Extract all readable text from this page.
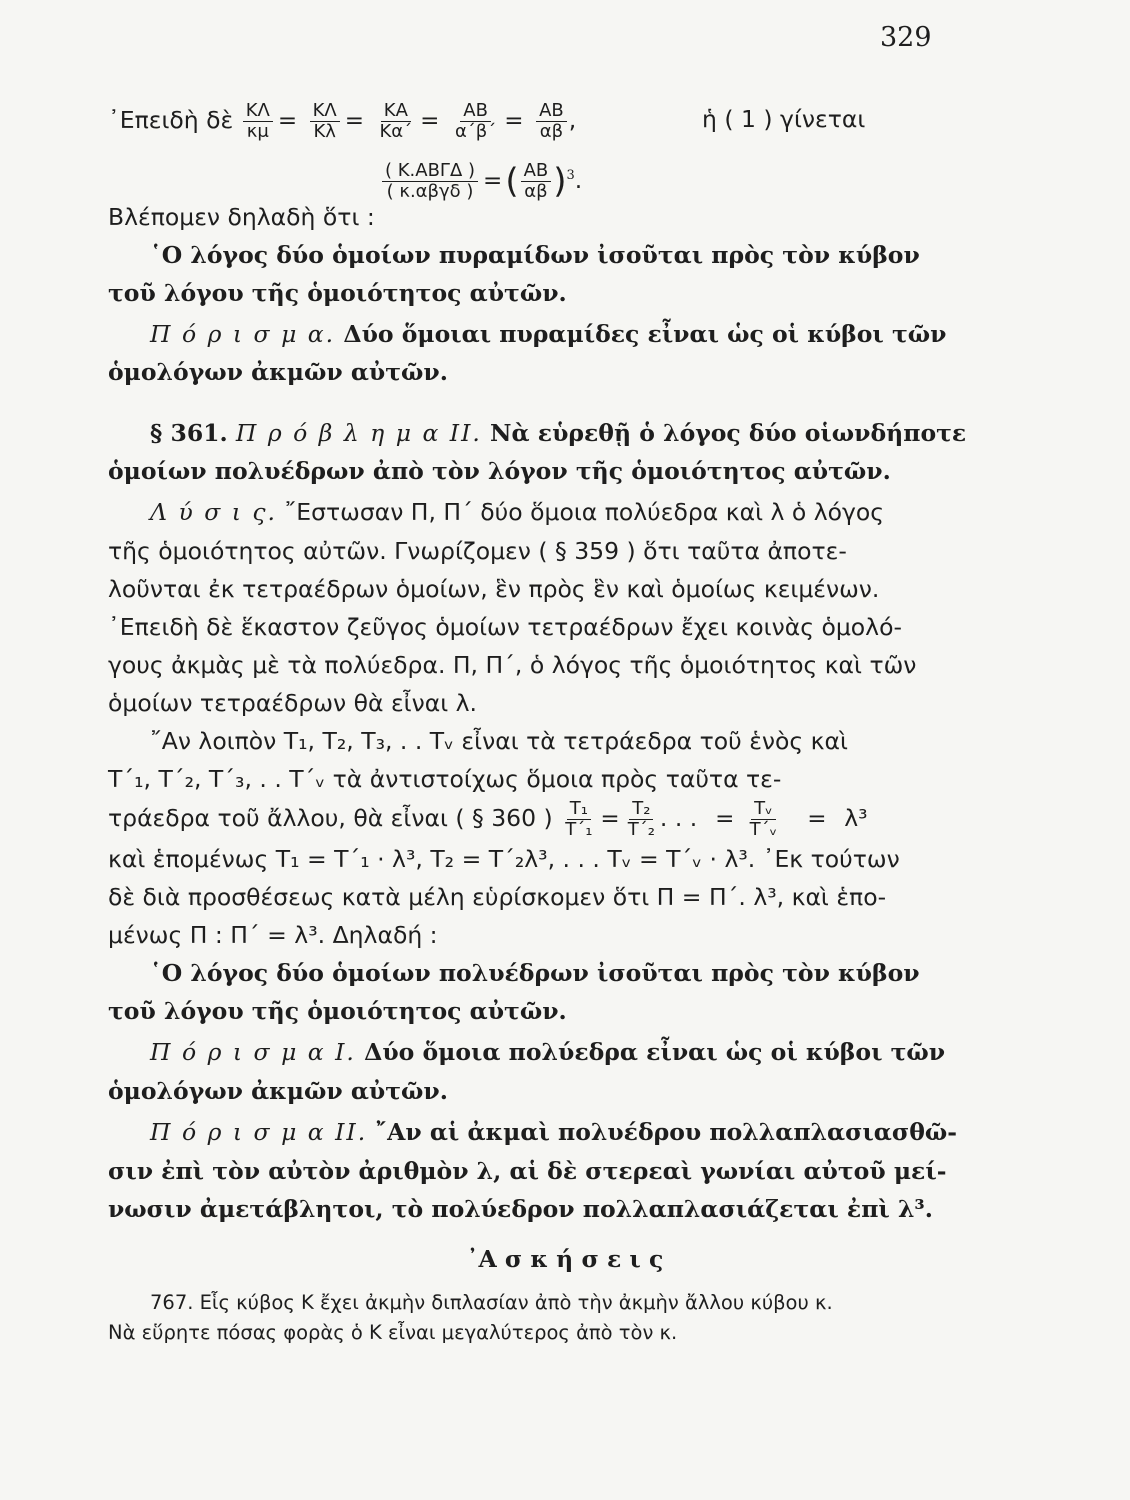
329
᾿Επειδὴ δὲ $\frac{K\Lambda}{\kappa\mu} = \frac{K\Lambda}{K\lambda} = \frac{KA}{K\alpha΄} = \frac{AB}{\alpha΄\beta΄} = \frac{AB}{\alpha\beta}$ ,	ἡ ( 1 ) γίνεται
$\frac{\text{( Κ.ΑΒΓΔ )}}{\text{( κ.αβγδ )}}$ =( $\frac{AB}{\alpha\beta} )^3$.
Βλέπομεν δηλαδὴ ὅτι :
῾Ο λόγος δύο ὁμοίων πυραμίδων ἰσοῦται πρὸς τὸν κύβον
τοῦ λόγου τῆς ὁμοιότητος αὐτῶν.
Π ό ρ ι σ μ α. Δύο ὅμοιαι πυραμίδες εἶναι ὡς οἱ κύβοι τῶν
ὁμολόγων ἀκμῶν αὐτῶν.
§ 361. Π ρ ό β λ η μ α ΙΙ. Νὰ εὑρεθῇ ὁ λόγος δύο οἱωνδήποτε
ὁμοίων πολυέδρων ἀπὸ τὸν λόγον τῆς ὁμοιότητος αὐτῶν.
Λ ύ σ ι ς. ῎Εστωσαν Π, Π΄ δύο ὅμοια πολύεδρα καὶ λ ὁ λόγος
τῆς ὁμοιότητος αὐτῶν. Γνωρίζομεν ( § 359 ) ὅτι ταῦτα ἀποτε-
λοῦνται ἐκ τετραέδρων ὁμοίων, ἓν πρὸς ἓν καὶ ὁμοίως κειμένων.
᾿Επειδὴ δὲ ἕκαστον ζεῦγος ὁμοίων τετραέδρων ἔχει κοινὰς ὁμολό-
γους ἀκμὰς μὲ τὰ πολύεδρα. Π, Π΄, ὁ λόγος τῆς ὁμοιότητος καὶ τῶν
ὁμοίων τετραέδρων θὰ εἶναι λ.
῎Αν λοιπὸν Τ₁, Τ₂, Τ₃, . . Τᵥ εἶναι τὰ τετράεδρα τοῦ ἑνὸς καὶ
Τ΄₁, Τ΄₂, Τ΄₃, . . Τ΄ᵥ τὰ ἀντιστοίχως ὅμοια πρὸς ταῦτα τε-
τράεδρα τοῦ ἄλλου, θὰ εἶναι ( § 360 ) $\frac{\text{Τ₁}}{\text{Τ΄₁}} = \frac{\text{Τ₂}}{\text{Τ΄₂}}$ . . .  = $\frac{\text{Τᵥ}}{\text{Τ΄ᵥ}} = \lambda^3$
καὶ ἑπομένως Τ₁ = Τ΄₁ · λ³, Τ₂ = Τ΄₂λ³, . . . Τᵥ = Τ΄ᵥ · λ³. ᾿Εκ τούτων
δὲ διὰ προσθέσεως κατὰ μέλη εὑρίσκομεν ὅτι Π = Π΄. λ³, καὶ ἑπο-
μένως Π : Π΄ = λ³. Δηλαδή :
῾Ο λόγος δύο ὁμοίων πολυέδρων ἰσοῦται πρὸς τὸν κύβον
τοῦ λόγου τῆς ὁμοιότητος αὐτῶν.
Π ό ρ ι σ μ α Ι. Δύο ὅμοια πολύεδρα εἶναι ὡς οἱ κύβοι τῶν
ὁμολόγων ἀκμῶν αὐτῶν.
Π ό ρ ι σ μ α ΙΙ. ῎Αν αἱ ἀκμαὶ πολυέδρου πολλαπλασιασθῶ-
σιν ἐπὶ τὸν αὐτὸν ἀριθμὸν λ, αἱ δὲ στερεαὶ γωνίαι αὐτοῦ μεί-
νωσιν ἀμετάβλητοι, τὸ πολύεδρον πολλαπλασιάζεται ἐπὶ λ³.
᾿Α σ κ ή σ ε ι ς
767. Εἷς κύβος Κ ἔχει ἀκμὴν διπλασίαν ἀπὸ τὴν ἀκμὴν ἄλλου κύβου κ.
Νὰ εὕρητε πόσας φορὰς ὁ Κ εἶναι μεγαλύτερος ἀπὸ τὸν κ.
